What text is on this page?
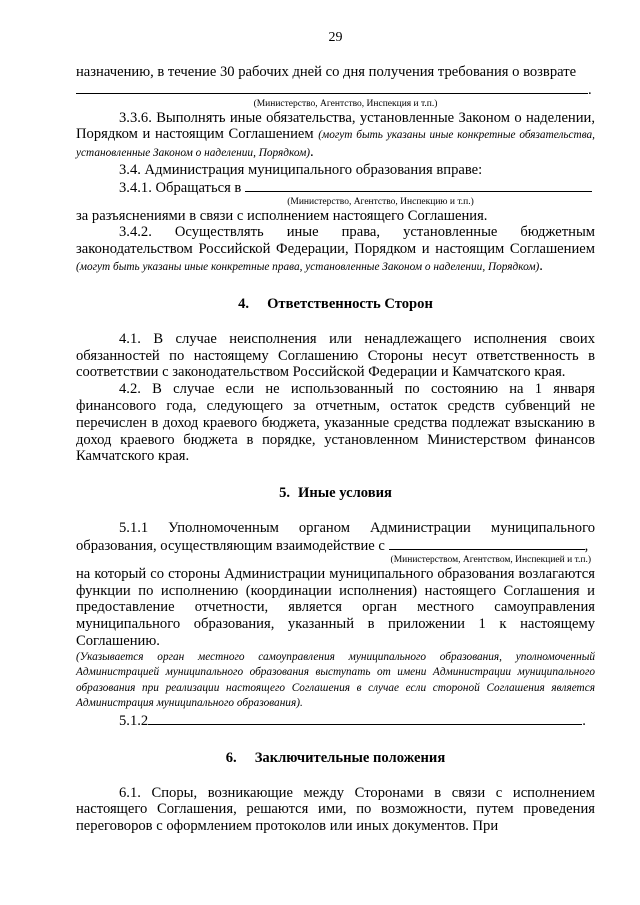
29

назначению, в течение 30 рабочих дней со дня получения требования о возврате

.

(Министерство, Агентство, Инспекция и т.п.)

3.3.6. Выполнять иные обязательства, установленные Законом о наделении, Порядком и настоящим Соглашением (могут быть указаны иные конкретные обязательства, установленные Законом о наделении, Порядком).

3.4. Администрация муниципального образования вправе:

3.4.1. Обращаться в

(Министерство, Агентство, Инспекцию и т.п.)

за разъяснениями в связи с исполнением настоящего Соглашения.

3.4.2. Осуществлять иные права, установленные бюджетным законодательством Российской Федерации, Порядком и настоящим Соглашением (могут быть указаны иные конкретные права, установленные Законом о наделении, Порядком).

4. Ответственность Сторон

4.1. В случае неисполнения или ненадлежащего исполнения своих обязанностей по настоящему Соглашению Стороны несут ответственность в соответствии с законодательством Российской Федерации и Камчатского края.

4.2. В случае если не использованный по состоянию на 1 января финансового года, следующего за отчетным, остаток средств субвенций не перечислен в доход краевого бюджета, указанные средства подлежат взысканию в доход краевого бюджета в порядке, установленном Министерством финансов Камчатского края.

5. Иные условия

5.1.1 Уполномоченным органом Администрации муниципального образования, осуществляющим взаимодействие с	,

(Министерством, Агентством, Инспекцией и т.п.)

на который со стороны Администрации муниципального образования возлагаются функции по исполнению (координации исполнения) настоящего Соглашения и предоставление отчетности, является орган местного самоуправления муниципального образования, указанный в приложении 1 к настоящему Соглашению.

(Указывается орган местного самоуправления муниципального образования, уполномоченный Администрацией муниципального образования выступать от имени Администрации муниципального образования при реализации настоящего Соглашения в случае если стороной Соглашения является Администрация муниципального образования).

5.1.2	.

6. Заключительные положения

6.1. Споры, возникающие между Сторонами в связи с исполнением настоящего Соглашения, решаются ими, по возможности, путем проведения переговоров с оформлением протоколов или иных документов. При
